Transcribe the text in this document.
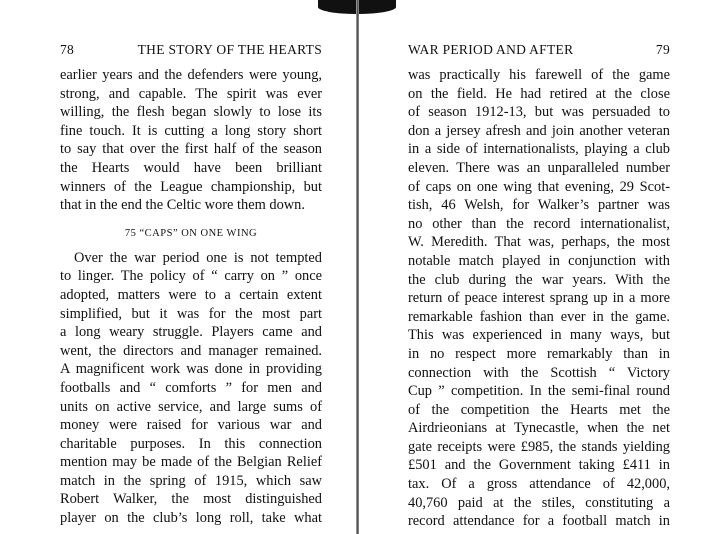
78	THE STORY OF THE HEARTS
earlier years and the defenders were young,
strong, and capable. The spirit was ever
willing, the flesh began slowly to lose its
fine touch. It is cutting a long story short
to say that over the first half of the season
the Hearts would have been brilliant
winners of the League championship, but
that in the end the Celtic wore them down.
75 “CAPS” ON ONE WING
Over the war period one is not tempted
to linger. The policy of “ carry on ” once
adopted, matters were to a certain extent
simplified, but it was for the most part
a long weary struggle. Players came and
went, the directors and manager remained.
A magnificent work was done in providing
footballs and “ comforts ” for men and
units on active service, and large sums of
money were raised for various war and
charitable purposes. In this connection
mention may be made of the Belgian Relief
match in the spring of 1915, which saw
Robert Walker, the most distinguished
player on the club’s long roll, take what
WAR PERIOD AND AFTER	79
was practically his farewell of the game
on the field. He had retired at the close
of season 1912-13, but was persuaded to
don a jersey afresh and join another veteran
in a side of internationalists, playing a club
eleven. There was an unparalleled number
of caps on one wing that evening, 29 Scot-
tish, 46 Welsh, for Walker’s partner was
no other than the record internationalist,
W. Meredith. That was, perhaps, the most
notable match played in conjunction with
the club during the war years. With the
return of peace interest sprang up in a more
remarkable fashion than ever in the game.
This was experienced in many ways, but
in no respect more remarkably than in
connection with the Scottish “ Victory
Cup ” competition. In the semi-final round
of the competition the Hearts met the
Airdrieonians at Tynecastle, when the net
gate receipts were £985, the stands yielding
£501 and the Government taking £411 in
tax. Of a gross attendance of 42,000,
40,760 paid at the stiles, constituting a
record attendance for a football match in
